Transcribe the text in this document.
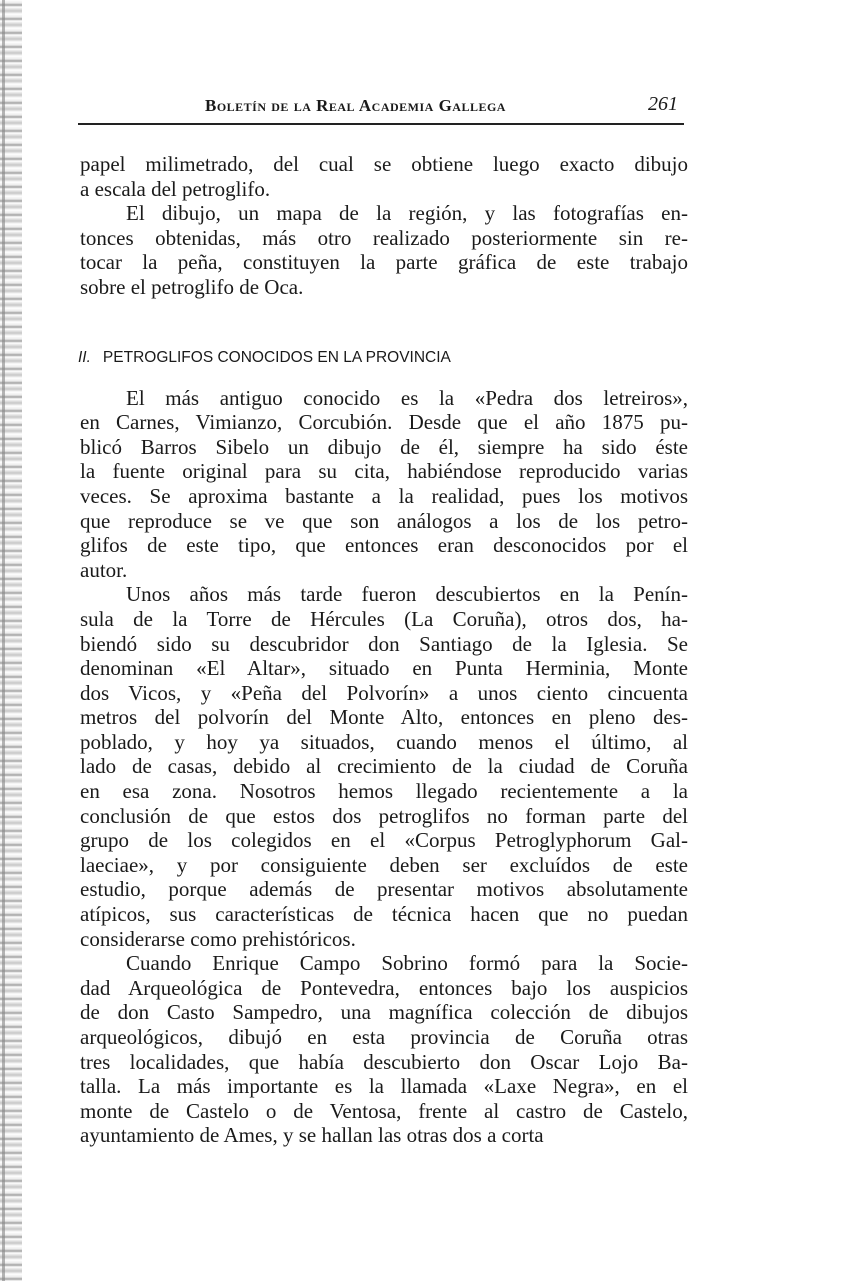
Boletín de la Real Academia Gallega	261
papel milimetrado, del cual se obtiene luego exacto dibujo
a escala del petroglifo.
El dibujo, un mapa de la región, y las fotografías en-
tonces obtenidas, más otro realizado posteriormente sin re-
tocar la peña, constituyen la parte gráfica de este trabajo
sobre el petroglifo de Oca.
II. PETROGLIFOS CONOCIDOS EN LA PROVINCIA
El más antiguo conocido es la «Pedra dos letreiros»,
en Carnes, Vimianzo, Corcubión. Desde que el año 1875 pu-
blicó Barros Sibelo un dibujo de él, siempre ha sido éste
la fuente original para su cita, habiéndose reproducido varias
veces. Se aproxima bastante a la realidad, pues los motivos
que reproduce se ve que son análogos a los de los petro-
glifos de este tipo, que entonces eran desconocidos por el
autor.
Unos años más tarde fueron descubiertos en la Penín-
sula de la Torre de Hércules (La Coruña), otros dos, ha-
biendó sido su descubridor don Santiago de la Iglesia. Se
denominan «El Altar», situado en Punta Herminia, Monte
dos Vicos, y «Peña del Polvorín» a unos ciento cincuenta
metros del polvorín del Monte Alto, entonces en pleno des-
poblado, y hoy ya situados, cuando menos el último, al
lado de casas, debido al crecimiento de la ciudad de Coruña
en esa zona. Nosotros hemos llegado recientemente a la
conclusión de que estos dos petroglifos no forman parte del
grupo de los colegidos en el «Corpus Petroglyphorum Gal-
laeciae», y por consiguiente deben ser excluídos de este
estudio, porque además de presentar motivos absolutamente
atípicos, sus características de técnica hacen que no puedan
considerarse como prehistóricos.
Cuando Enrique Campo Sobrino formó para la Socie-
dad Arqueológica de Pontevedra, entonces bajo los auspicios
de don Casto Sampedro, una magnífica colección de dibujos
arqueológicos, dibujó en esta provincia de Coruña otras
tres localidades, que había descubierto don Oscar Lojo Ba-
talla. La más importante es la llamada «Laxe Negra», en el
monte de Castelo o de Ventosa, frente al castro de Castelo,
ayuntamiento de Ames, y se hallan las otras dos a corta
